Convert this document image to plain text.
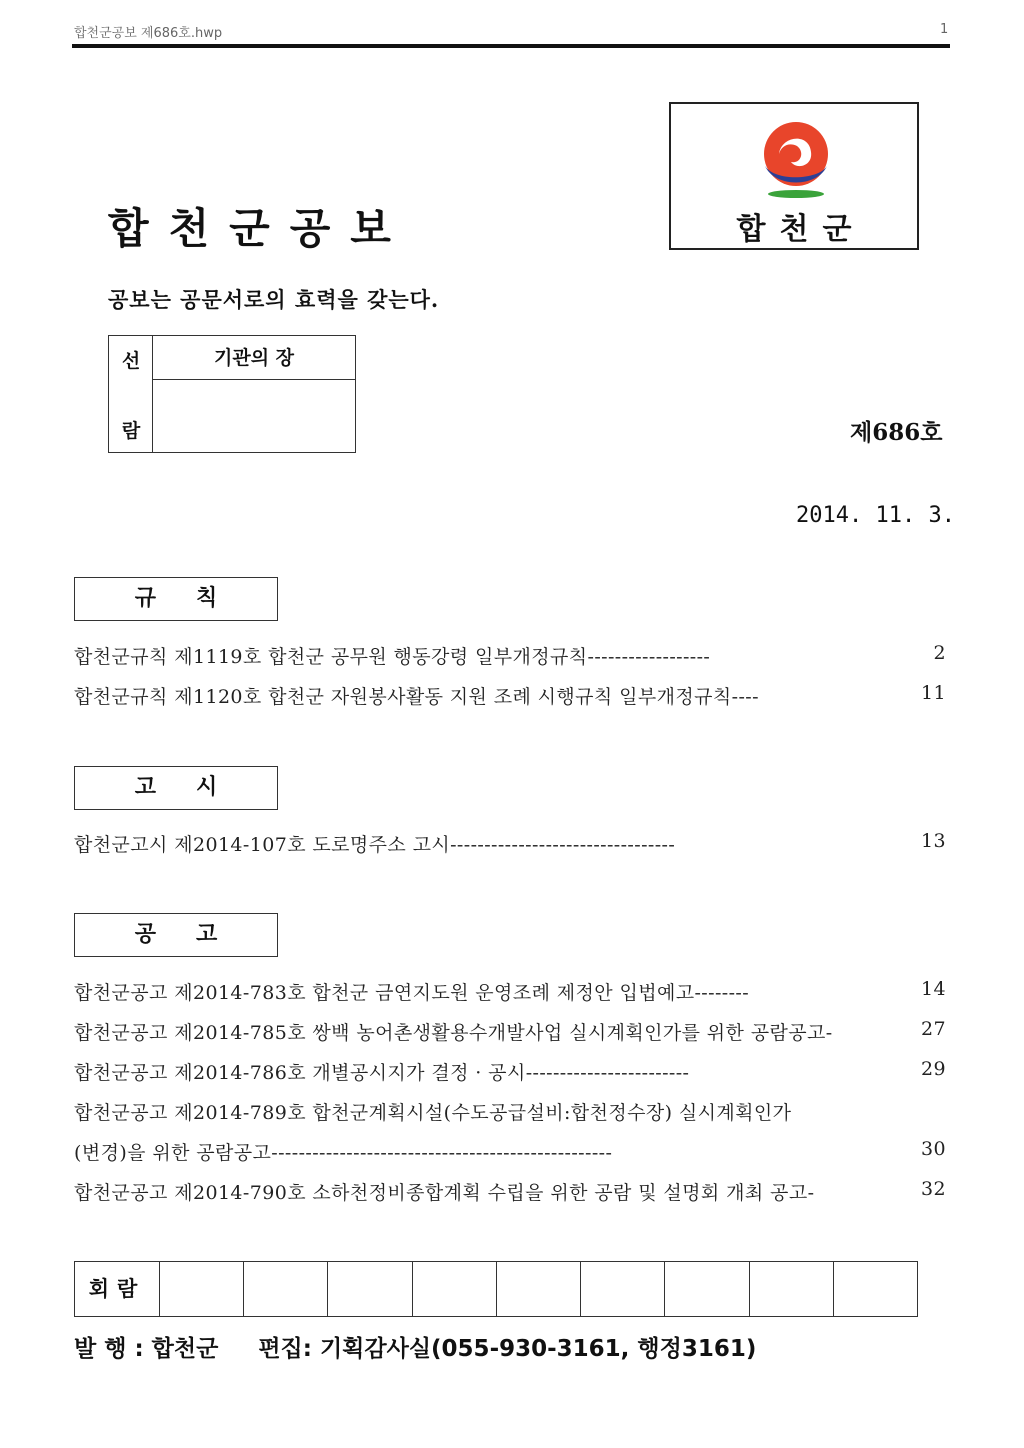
합천군공보 제686호.hwp	1
합천군
합천군공보
공보는 공문서로의 효력을 갖는다.
선
람
기관의 장
제686호
2014. 11. 3.
규칙
합천군규칙 제1119호 합천군 공무원 행동강령 일부개정규칙------------------	2
합천군규칙 제1120호 합천군 자원봉사활동 지원 조례 시행규칙 일부개정규칙----	11
고시
합천군고시 제2014-107호 도로명주소 고시---------------------------------	13
공고
합천군공고 제2014-783호 합천군 금연지도원 운영조례 제정안 입법예고--------	14
합천군공고 제2014-785호 쌍백 농어촌생활용수개발사업 실시계획인가를 위한 공람공고-	27
합천군공고 제2014-786호 개별공시지가 결정 · 공시------------------------	29
합천군공고 제2014-789호 합천군계획시설(수도공급설비:합천정수장) 실시계획인가
(변경)을 위한 공람공고--------------------------------------------------	30
합천군공고 제2014-790호 소하천정비종합계획 수립을 위한 공람 및 설명회 개최 공고-	32
회람
발 행 : 합천군 편집: 기획감사실(055-930-3161, 행정3161)
